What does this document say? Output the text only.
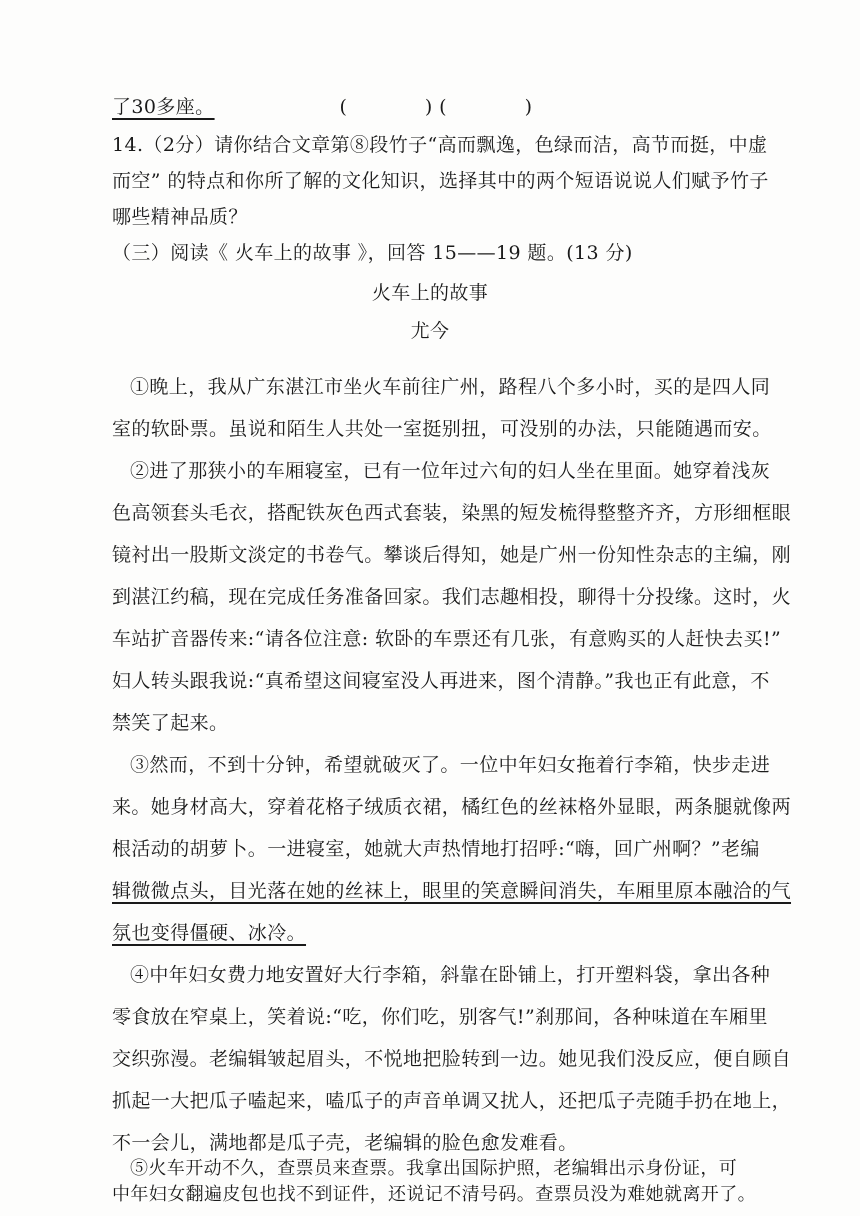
了30多座。	(　　　　) (　　　　)
14.（2分）请你结合文章第⑧段竹子“高而飘逸，色绿而洁，高节而挺，中虚
而空” 的特点和你所了解的文化知识，选择其中的两个短语说说人们赋予竹子
哪些精神品质？
（三）阅读《 火车上的故事 》，回答 15——19 题。(13 分)
火车上的故事
尤今
①晚上，我从广东湛江市坐火车前往广州，路程八个多小时，买的是四人同
室的软卧票。虽说和陌生人共处一室挺别扭，可没别的办法，只能随遇而安。
②进了那狭小的车厢寝室，已有一位年过六旬的妇人坐在里面。她穿着浅灰
色高领套头毛衣，搭配铁灰色西式套装，染黑的短发梳得整整齐齐，方形细框眼
镜衬出一股斯文淡定的书卷气。攀谈后得知，她是广州一份知性杂志的主编，刚
到湛江约稿，现在完成任务准备回家。我们志趣相投，聊得十分投缘。这时，火
车站扩音器传来:“请各位注意: 软卧的车票还有几张，有意购买的人赶快去买!”
妇人转头跟我说:“真希望这间寝室没人再进来，图个清静。”我也正有此意，不
禁笑了起来。
③然而，不到十分钟，希望就破灭了。一位中年妇女拖着行李箱，快步走进
来。她身材高大，穿着花格子绒质衣裙，橘红色的丝袜格外显眼，两条腿就像两
根活动的胡萝卜。一进寝室，她就大声热情地打招呼:“嗨，回广州啊？”老编
辑微微点头，目光落在她的丝袜上，眼里的笑意瞬间消失，车厢里原本融洽的气
氛也变得僵硬、冰冷。
④中年妇女费力地安置好大行李箱，斜靠在卧铺上，打开塑料袋，拿出各种
零食放在窄桌上，笑着说:“吃，你们吃，别客气!”刹那间，各种味道在车厢里
交织弥漫。老编辑皱起眉头，不悦地把脸转到一边。她见我们没反应，便自顾自
抓起一大把瓜子嗑起来，嗑瓜子的声音单调又扰人，还把瓜子壳随手扔在地上，
不一会儿，满地都是瓜子壳，老编辑的脸色愈发难看。
⑤火车开动不久，查票员来查票。我拿出国际护照，老编辑出示身份证，可
中年妇女翻遍皮包也找不到证件，还说记不清号码。查票员没为难她就离开了。
